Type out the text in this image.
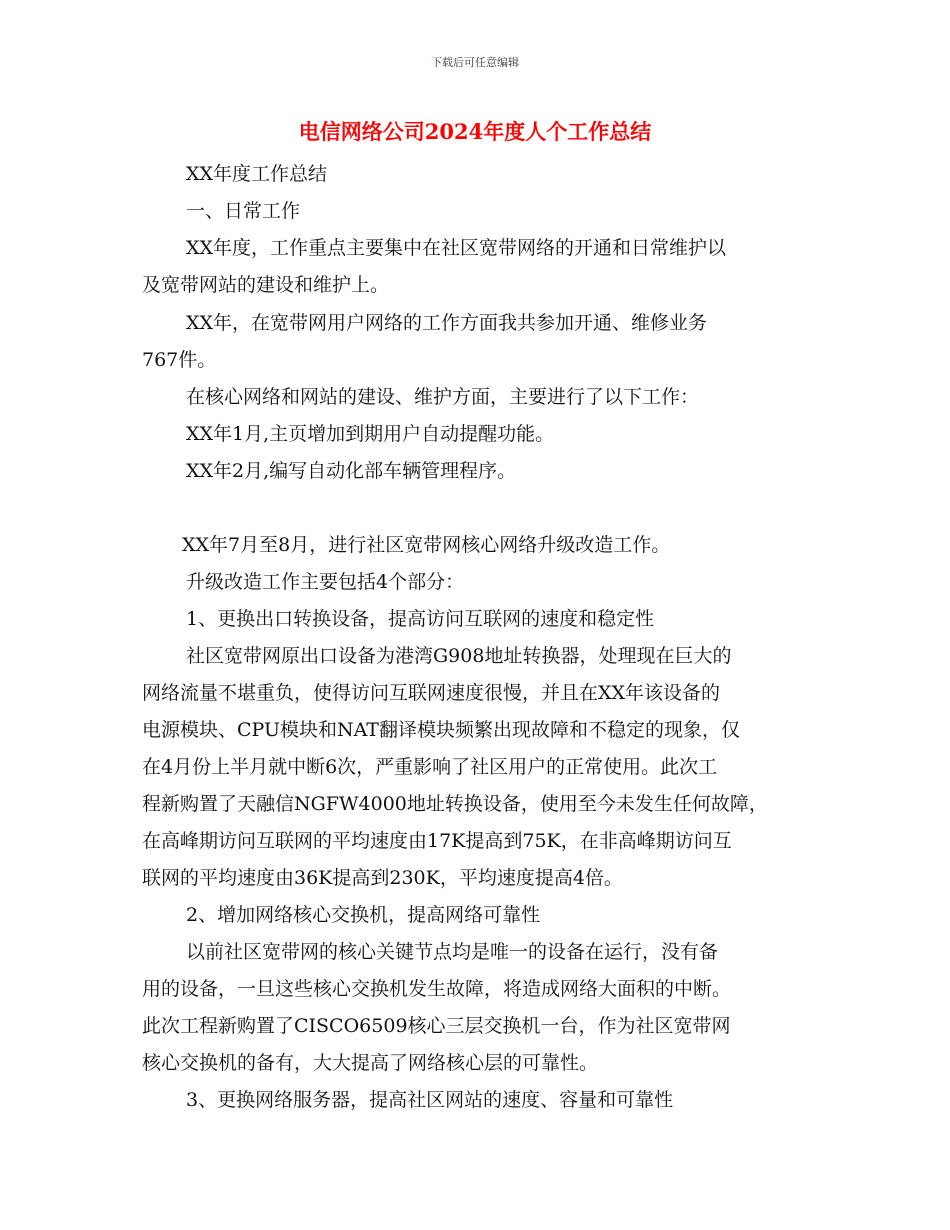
下载后可任意编辑
电信网络公司2024年度人个工作总结
XX年度工作总结
一、日常工作
XX年度，工作重点主要集中在社区宽带网络的开通和日常维护以
及宽带网站的建设和维护上。
XX年，在宽带网用户网络的工作方面我共参加开通、维修业务
767件。
在核心网络和网站的建设、维护方面，主要进行了以下工作：
XX年1月,主页增加到期用户自动提醒功能。
XX年2月,编写自动化部车辆管理程序。
XX年7月至8月，进行社区宽带网核心网络升级改造工作。
升级改造工作主要包括4个部分：
1、更换出口转换设备，提高访问互联网的速度和稳定性
社区宽带网原出口设备为港湾G908地址转换器，处理现在巨大的
网络流量不堪重负，使得访问互联网速度很慢，并且在XX年该设备的
电源模块、CPU模块和NAT翻译模块频繁出现故障和不稳定的现象，仅
在4月份上半月就中断6次，严重影响了社区用户的正常使用。此次工
程新购置了天融信NGFW4000地址转换设备，使用至今未发生任何故障，
在高峰期访问互联网的平均速度由17K提高到75K，在非高峰期访问互
联网的平均速度由36K提高到230K，平均速度提高4倍。
2、增加网络核心交换机，提高网络可靠性
以前社区宽带网的核心关键节点均是唯一的设备在运行，没有备
用的设备，一旦这些核心交换机发生故障，将造成网络大面积的中断。
此次工程新购置了CISCO6509核心三层交换机一台，作为社区宽带网
核心交换机的备有，大大提高了网络核心层的可靠性。
3、更换网络服务器，提高社区网站的速度、容量和可靠性
